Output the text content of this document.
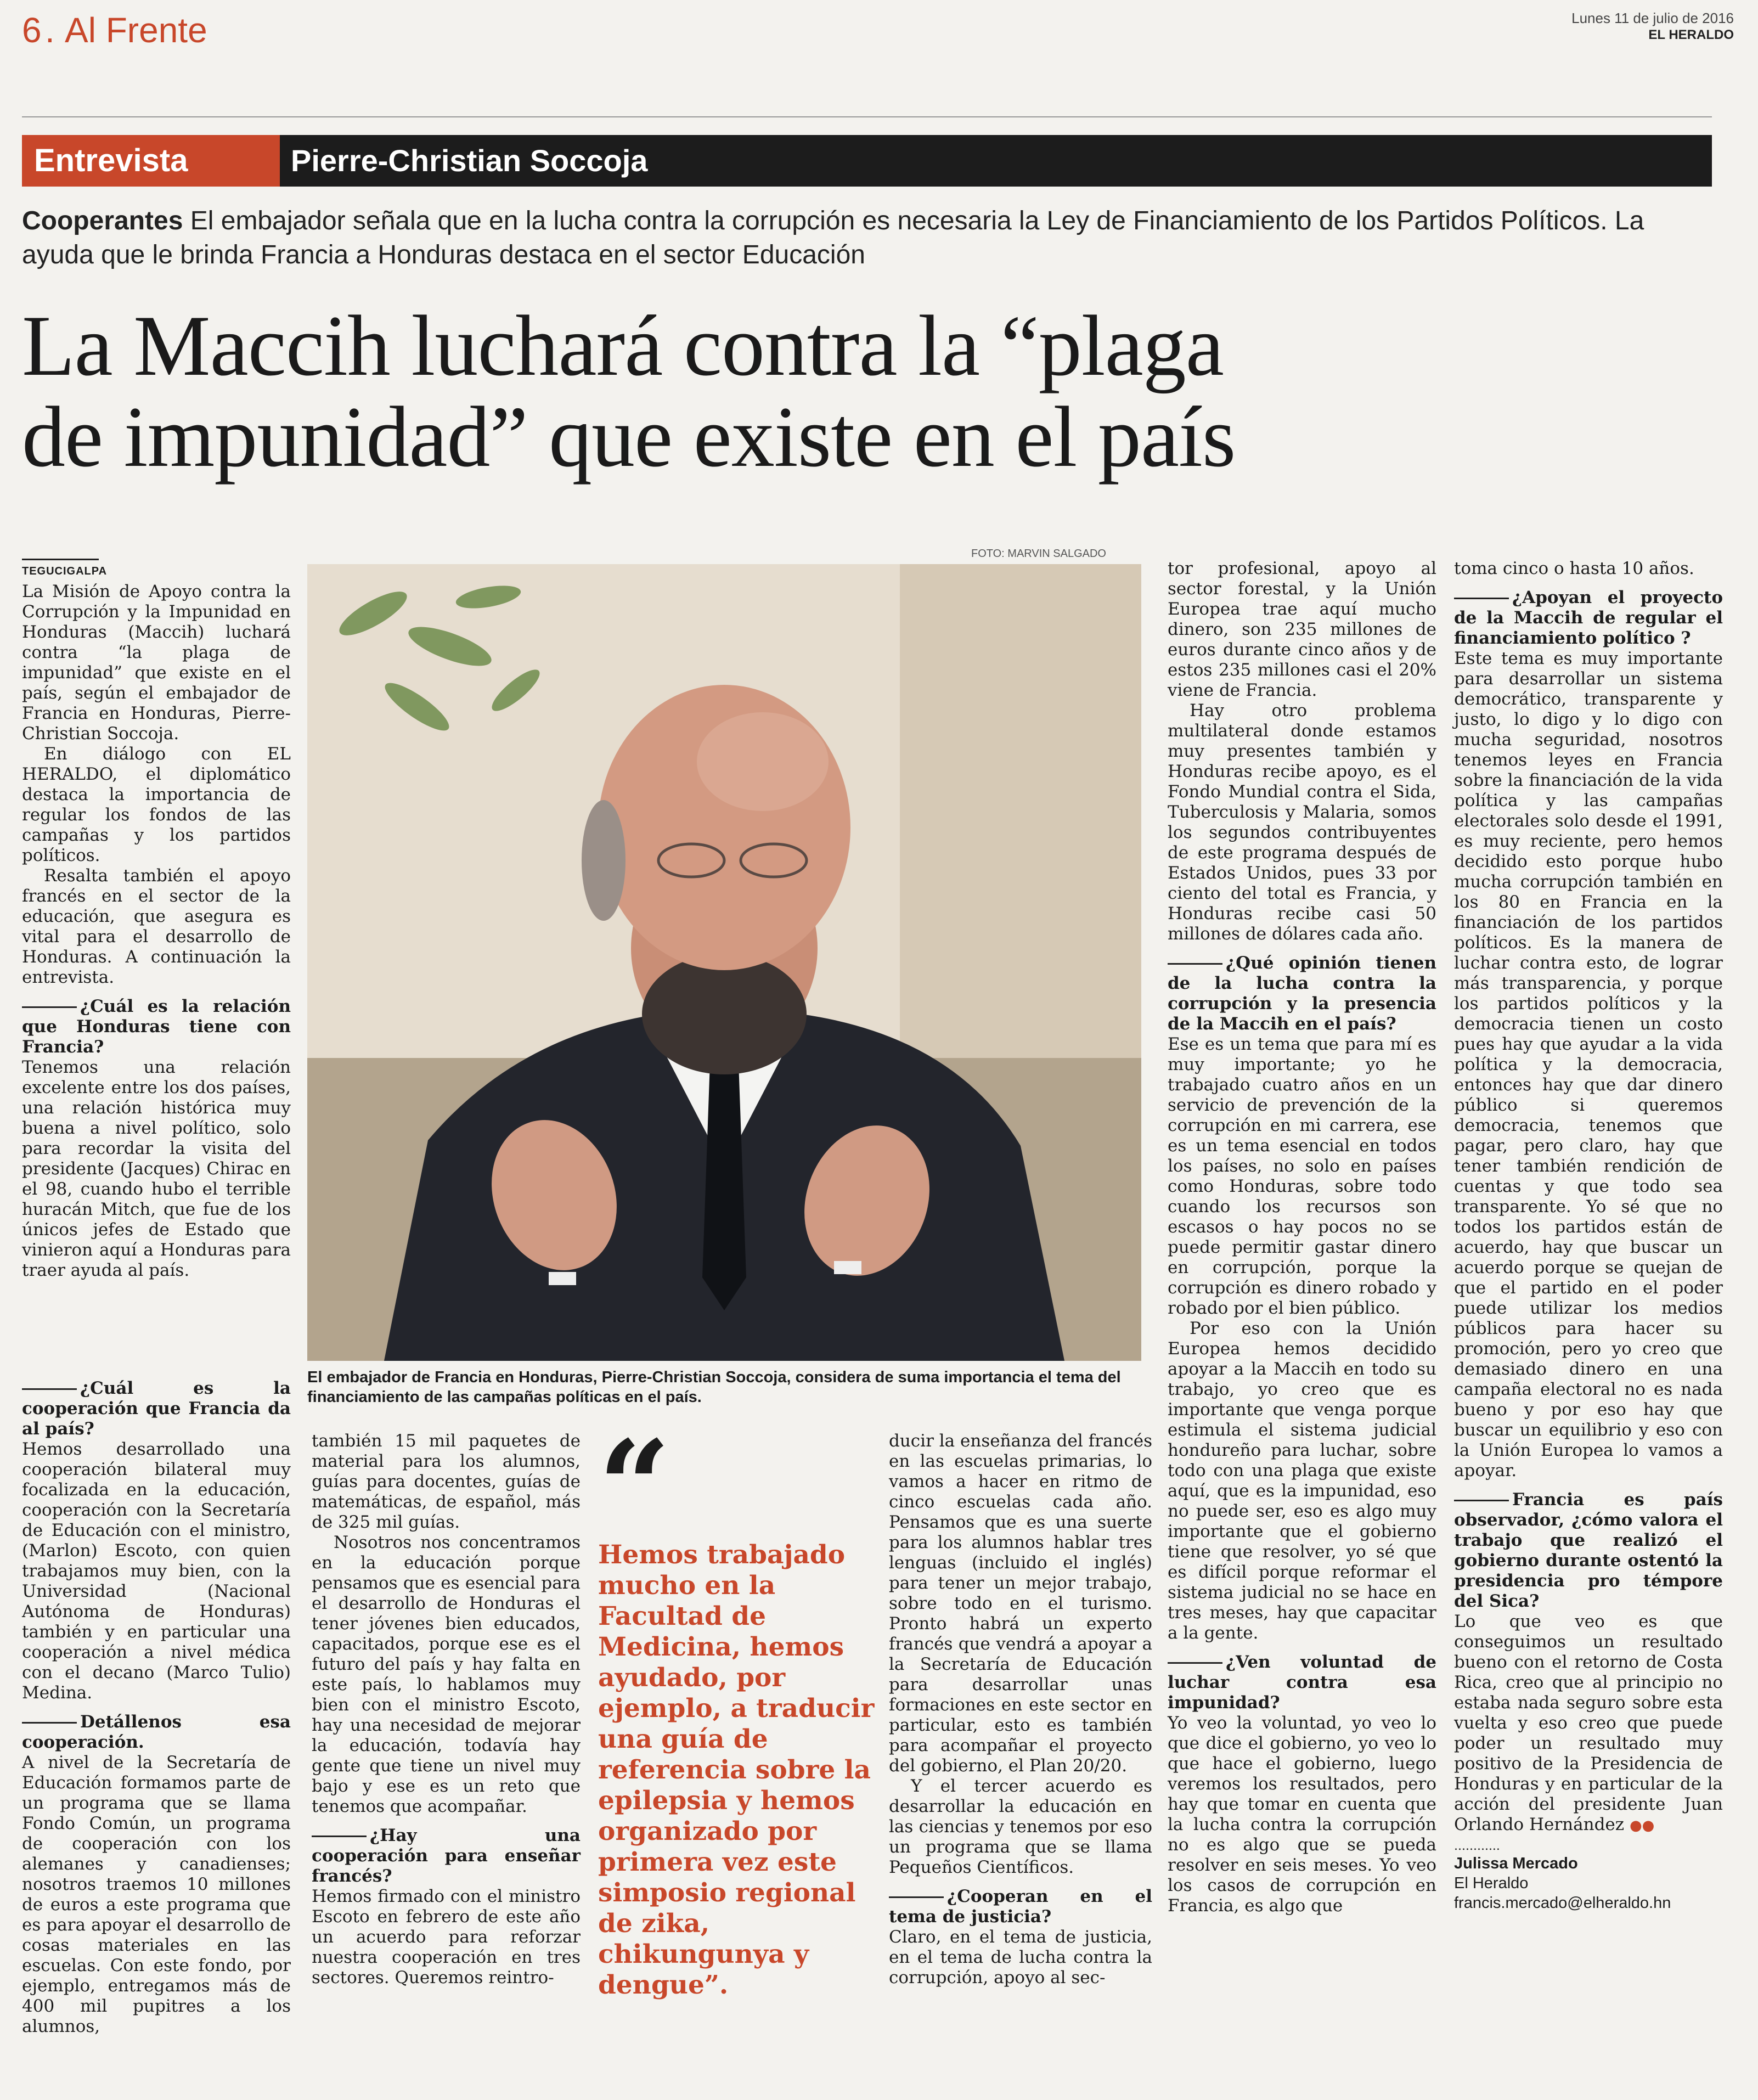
6 . Al Frente	Lunes 11 de julio de 2016
EL HERALDO
Entrevista	Pierre-Christian Soccoja
Cooperantes El embajador señala que en la lucha contra la corrupción es necesaria la Ley de Financiamiento de los Partidos Políticos. La ayuda que le brinda Francia a Honduras destaca en el sector Educación
La Maccih luchará contra la “plaga
de impunidad” que existe en el país
FOTO: MARVIN SALGADO
El embajador de Francia en Honduras, Pierre-Christian Soccoja, considera de suma importancia el tema del financiamiento de las campañas políticas en el país.
TEGUCIGALPA
La Misión de Apoyo contra la Corrupción y la Impunidad en Honduras (Maccih) luchará contra “la plaga de impunidad” que existe en el país, según el embajador de Francia en Honduras, Pierre-Christian Soccoja.
En diálogo con EL HERALDO, el diplomático destaca la importancia de regular los fondos de las campañas y los partidos políticos.
Resalta también el apoyo francés en el sector de la educación, que asegura es vital para el desarrollo de Honduras. A continuación la entrevista.
¿Cuál es la relación que Honduras tiene con Francia?
Tenemos una relación excelente entre los dos países, una relación histórica muy buena a nivel político, solo para recordar la visita del presidente (Jacques) Chirac en el 98, cuando hubo el terrible huracán Mitch, que fue de los únicos jefes de Estado que vinieron aquí a Honduras para traer ayuda al país.
¿Cuál es la cooperación que Francia da al país?
Hemos desarrollado una cooperación bilateral muy focalizada en la educación, cooperación con la Secretaría de Educación con el ministro, (Marlon) Escoto, con quien trabajamos muy bien, con la Universidad (Nacional Autónoma de Honduras) también y en particular una cooperación a nivel médica con el decano (Marco Tulio) Medina.
Detállenos esa cooperación.
A nivel de la Secretaría de Educación formamos parte de un programa que se llama Fondo Común, un programa de cooperación con los alemanes y canadienses; nosotros traemos 10 millones de euros a este programa que es para apoyar el desarrollo de cosas materiales en las escuelas. Con este fondo, por ejemplo, entregamos más de 400 mil pupitres a los alumnos,
también 15 mil paquetes de material para los alumnos, guías para docentes, guías de matemáticas, de español, más de 325 mil guías.
Nosotros nos concentramos en la educación porque pensamos que es esencial para el desarrollo de Honduras el tener jóvenes bien educados, capacitados, porque ese es el futuro del país y hay falta en este país, lo hablamos muy bien con el ministro Escoto, hay una necesidad de mejorar la educación, todavía hay gente que tiene un nivel muy bajo y ese es un reto que tenemos que acompañar.
¿Hay una cooperación para enseñar francés?
Hemos firmado con el ministro Escoto en febrero de este año un acuerdo para reforzar nuestra cooperación en tres sectores. Queremos reintro-
“
Hemos trabajado mucho en la Facultad de Medicina, hemos ayudado, por ejemplo, a traducir una guía de referencia sobre la epilepsia y hemos organizado por primera vez este simposio regional de zika, chikungunya y dengue”.
ducir la enseñanza del francés en las escuelas primarias, lo vamos a hacer en ritmo de cinco escuelas cada año. Pensamos que es una suerte para los alumnos hablar tres lenguas (incluido el inglés) para tener un mejor trabajo, sobre todo en el turismo. Pronto habrá un experto francés que vendrá a apoyar a la Secretaría de Educación para desarrollar unas formaciones en este sector en particular, esto es también para acompañar el proyecto del gobierno, el Plan 20/20.
Y el tercer acuerdo es desarrollar la educación en las ciencias y tenemos por eso un programa que se llama Pequeños Científicos.
¿Cooperan en el tema de justicia?
Claro, en el tema de justicia, en el tema de lucha contra la corrupción, apoyo al sec-
tor profesional, apoyo al sector forestal, y la Unión Europea trae aquí mucho dinero, son 235 millones de euros durante cinco años y de estos 235 millones casi el 20% viene de Francia.
Hay otro problema multilateral donde estamos muy presentes también y Honduras recibe apoyo, es el Fondo Mundial contra el Sida, Tuberculosis y Malaria, somos los segundos contribuyentes de este programa después de Estados Unidos, pues 33 por ciento del total es Francia, y Honduras recibe casi 50 millones de dólares cada año.
¿Qué opinión tienen de la lucha contra la corrupción y la presencia de la Maccih en el país?
Ese es un tema que para mí es muy importante; yo he trabajado cuatro años en un servicio de prevención de la corrupción en mi carrera, ese es un tema esencial en todos los países, no solo en países como Honduras, sobre todo cuando los recursos son escasos o hay pocos no se puede permitir gastar dinero en corrupción, porque la corrupción es dinero robado y robado por el bien público.
Por eso con la Unión Europea hemos decidido apoyar a la Maccih en todo su trabajo, yo creo que es importante que venga porque estimula el sistema judicial hondureño para luchar, sobre todo con una plaga que existe aquí, que es la impunidad, eso no puede ser, eso es algo muy importante que el gobierno tiene que resolver, yo sé que es difícil porque reformar el sistema judicial no se hace en tres meses, hay que capacitar a la gente.
¿Ven voluntad de luchar contra esa impunidad?
Yo veo la voluntad, yo veo lo que dice el gobierno, yo veo lo que hace el gobierno, luego veremos los resultados, pero hay que tomar en cuenta que la lucha contra la corrupción no es algo que se pueda resolver en seis meses. Yo veo los casos de corrupción en Francia, es algo que
toma cinco o hasta 10 años.
¿Apoyan el proyecto de la Maccih de regular el financiamiento político ?
Este tema es muy importante para desarrollar un sistema democrático, transparente y justo, lo digo y lo digo con mucha seguridad, nosotros tenemos leyes en Francia sobre la financiación de la vida política y las campañas electorales solo desde el 1991, es muy reciente, pero hemos decidido esto porque hubo mucha corrupción también en los 80 en Francia en la financiación de los partidos políticos. Es la manera de luchar contra esto, de lograr más transparencia, y porque los partidos políticos y la democracia tienen un costo pues hay que ayudar a la vida política y la democracia, entonces hay que dar dinero público si queremos democracia, tenemos que pagar, pero claro, hay que tener también rendición de cuentas y que todo sea transparente. Yo sé que no todos los partidos están de acuerdo, hay que buscar un acuerdo porque se quejan de que el partido en el poder puede utilizar los medios públicos para hacer su promoción, pero yo creo que demasiado dinero en una campaña electoral no es nada bueno y por eso hay que buscar un equilibrio y eso con la Unión Europea lo vamos a apoyar.
Francia es país observador, ¿cómo valora el trabajo que realizó el gobierno durante ostentó la presidencia pro témpore del Sica?
Lo que veo es que conseguimos un resultado bueno con el retorno de Costa Rica, creo que al principio no estaba nada seguro sobre esta vuelta y eso creo que puede poder un resultado muy positivo de la Presidencia de Honduras y en particular de la acción del presidente Juan Orlando Hernández ●●
............
Julissa Mercado
El Heraldo
francis.mercado@elheraldo.hn
